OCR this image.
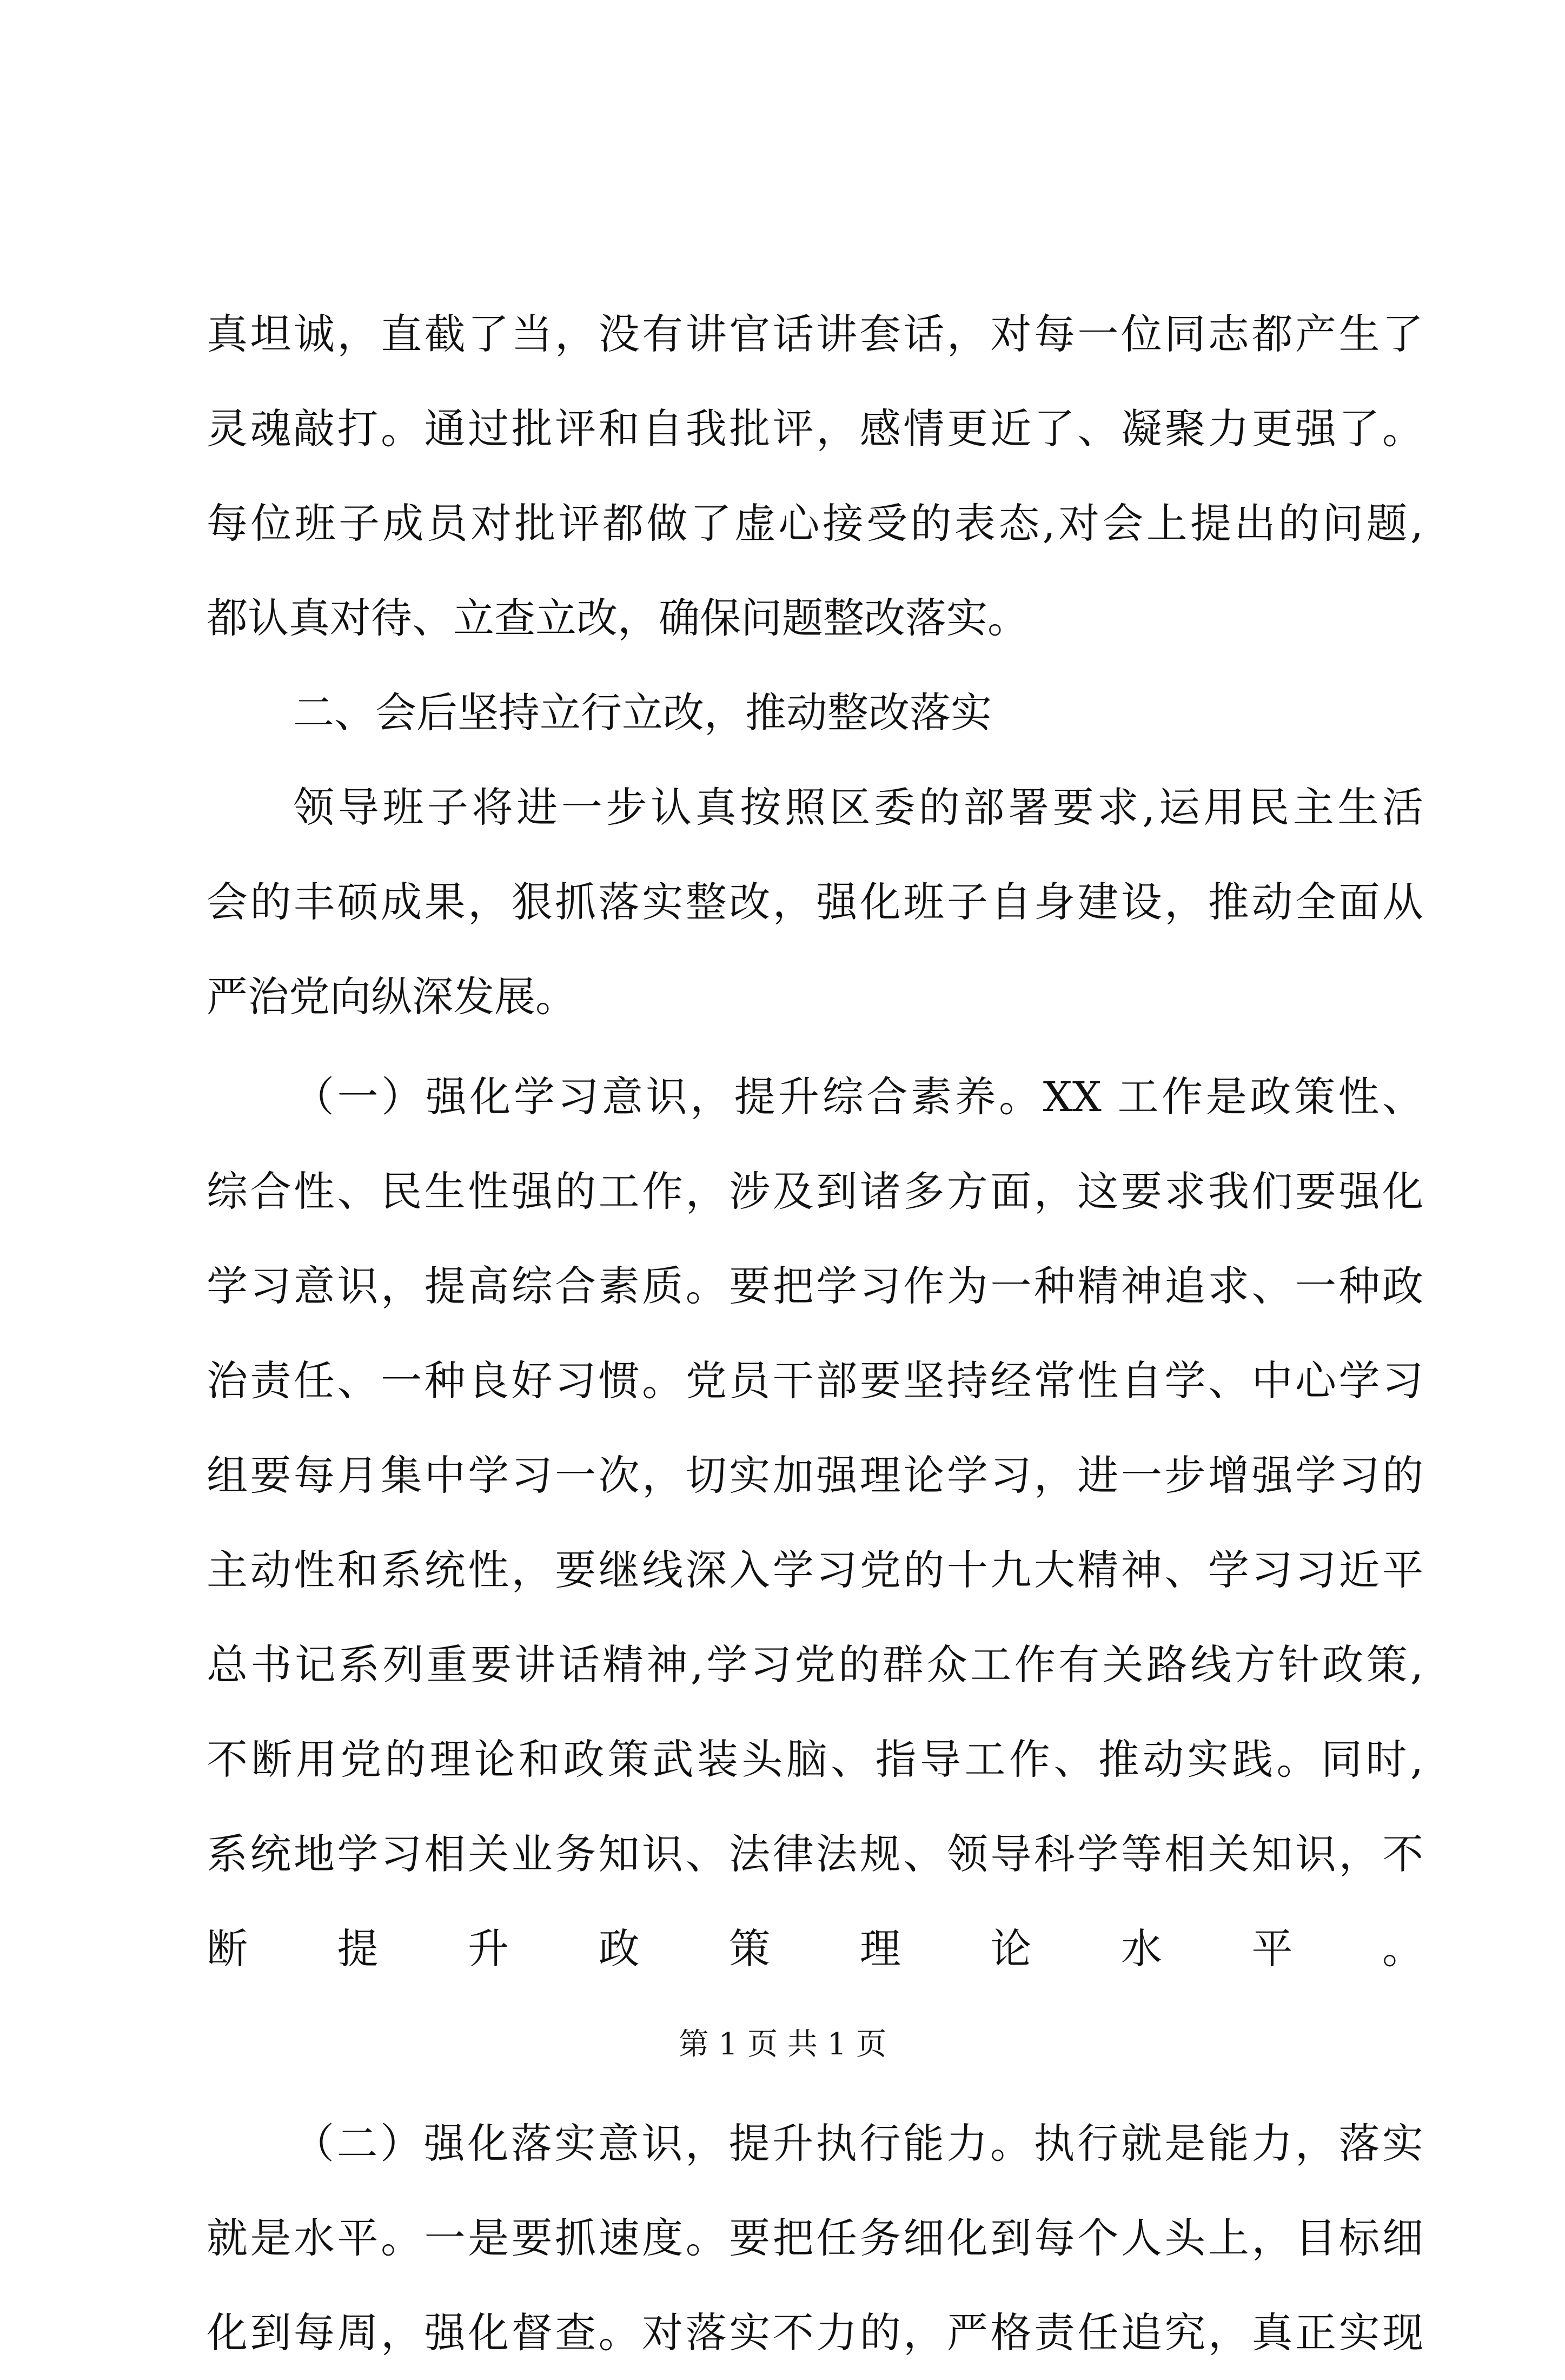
真坦诚，直截了当，没有讲官话讲套话，对每一位同志都产生了
灵魂敲打。通过批评和自我批评，感情更近了、凝聚力更强了。
每位班子成员对批评都做了虚心接受的表态,对会上提出的问题,
都认真对待、立查立改，确保问题整改落实。
二、会后坚持立行立改，推动整改落实
领导班子将进一步认真按照区委的部署要求,运用民主生活
会的丰硕成果，狠抓落实整改，强化班子自身建设，推动全面从
严治党向纵深发展。
（一）强化学习意识，提升综合素养。XX 工作是政策性、
综合性、民生性强的工作，涉及到诸多方面，这要求我们要强化
学习意识，提高综合素质。要把学习作为一种精神追求、一种政
治责任、一种良好习惯。党员干部要坚持经常性自学、中心学习
组要每月集中学习一次，切实加强理论学习，进一步增强学习的
主动性和系统性，要继线深入学习党的十九大精神、学习习近平
总书记系列重要讲话精神,学习党的群众工作有关路线方针政策,
不断用党的理论和政策武装头脑、指导工作、推动实践。同时,
系统地学习相关业务知识、法律法规、领导科学等相关知识，不
断提升政策理论水平。
（二）强化落实意识，提升执行能力。执行就是能力，落实
就是水平。一是要抓速度。要把任务细化到每个人头上，目标细
化到每周，强化督查。对落实不力的，严格责任追究，真正实现
第 1 页 共 1 页
